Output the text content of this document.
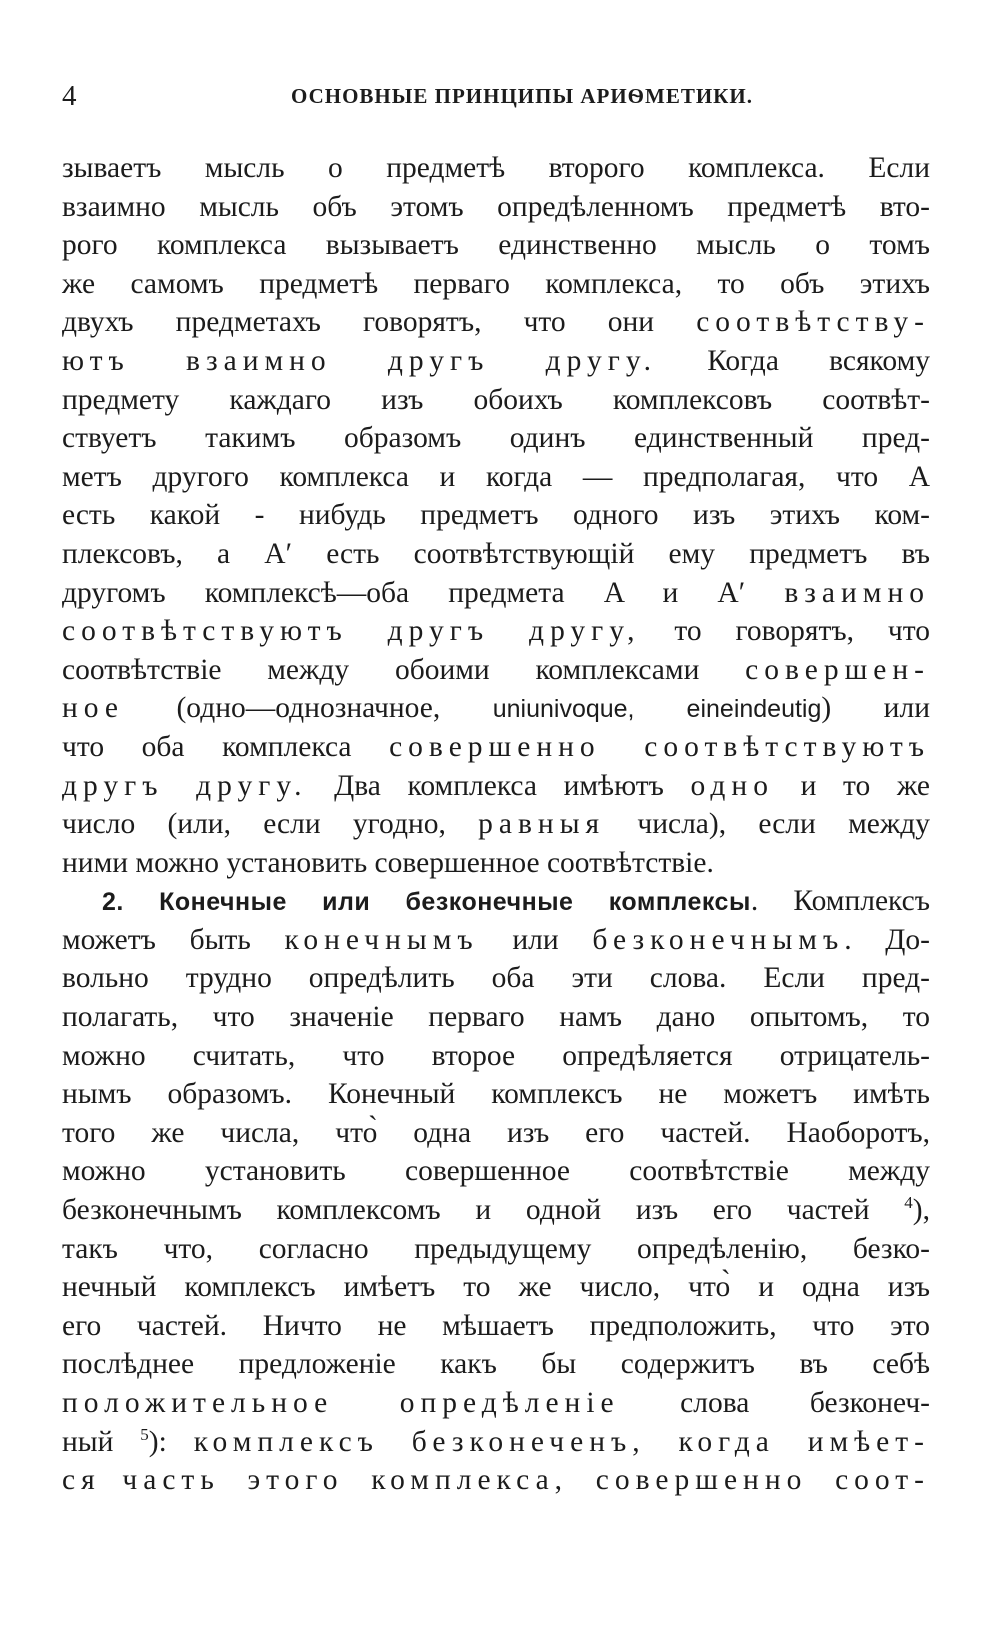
4	ОСНОВНЫЕ ПРИНЦИПЫ АРИѲМЕТИКИ.
зываетъ мысль о предметѣ второго комплекса. Если
взаимно мысль объ этомъ опредѣленномъ предметѣ вто-
рого комплекса вызываетъ единственно мысль о томъ
же самомъ предметѣ перваго комплекса, то объ этихъ
двухъ предметахъ говорятъ, что они соотвѣтству-
ютъ взаимно другъ другу. Когда всякому
предмету каждаго изъ обоихъ комплексовъ соотвѣт-
ствуетъ такимъ образомъ одинъ единственный пред-
метъ другого комплекса и когда — предполагая, что A
есть какой - нибудь предметъ одного изъ этихъ ком-
плексовъ, а A′ есть соотвѣтствующій ему предметъ въ
другомъ комплексѣ—оба предмета A и A′ взаимно
соотвѣтствуютъ другъ другу, то говорятъ, что
соотвѣтствіе между обоими комплексами совершен-
ное (одно—однозначное, uniunivoque, eineindeutig) или
что оба комплекса совершенно соотвѣтствуютъ
другъ другу. Два комплекса имѣютъ одно и то же
число (или, если угодно, равныя числа), если между
ними можно установить совершенное соотвѣтствіе.
2. Конечные или безконечные комплексы. Комплексъ
можетъ быть конечнымъ или безконечнымъ. До-
вольно трудно опредѣлить оба эти слова. Если пред-
полагать, что значеніе перваго намъ дано опытомъ, то
можно считать, что второе опредѣляется отрицатель-
нымъ образомъ. Конечный комплексъ не можетъ имѣть
того же числа, что̀ одна изъ его частей. Наоборотъ,
можно установить совершенное соотвѣтствіе между
безконечнымъ комплексомъ и одной изъ его частей $^4$),
такъ что, согласно предыдущему опредѣленію, безко-
нечный комплексъ имѣетъ то же число, что̀ и одна изъ
его частей. Ничто не мѣшаетъ предположить, что это
послѣднее предложеніе какъ бы содержитъ въ себѣ
положительное опредѣленіе слова безконеч-
ный $^5$): комплексъ безконеченъ, когда имѣет-
ся часть этого комплекса, совершенно соот-
